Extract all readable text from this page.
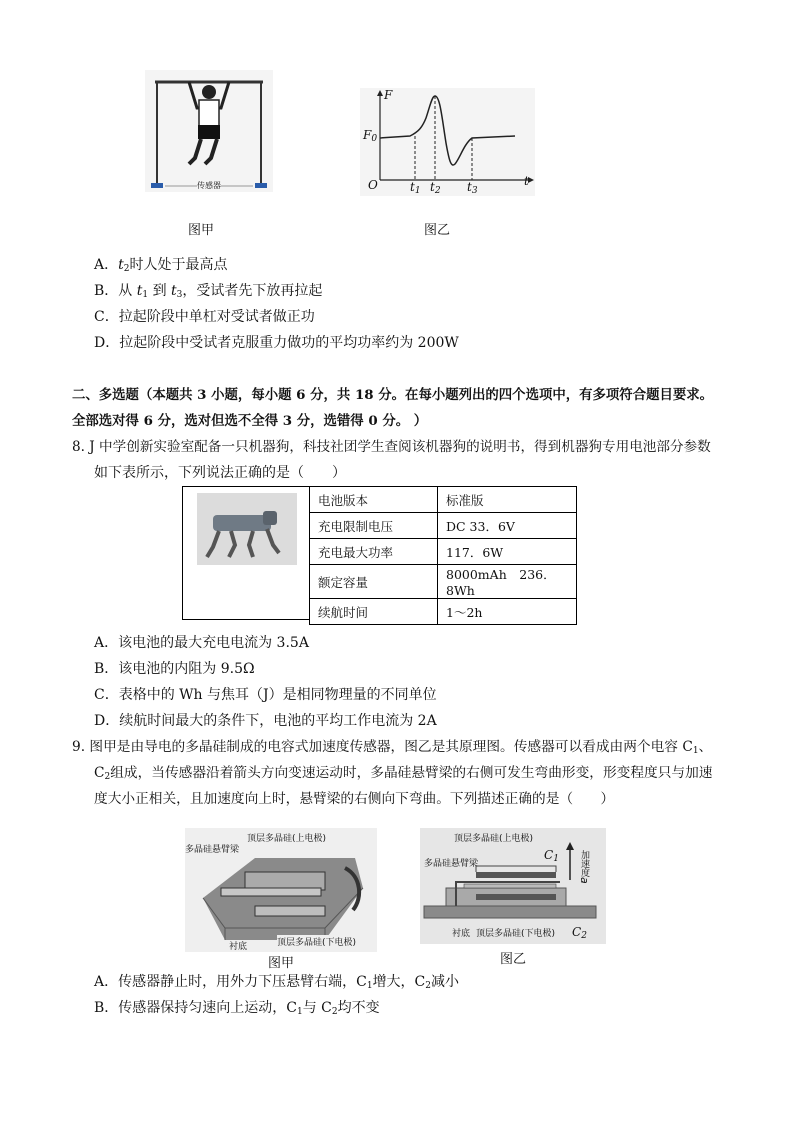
传感器
F
t
O
$F_0$
$t_1$ $t_2$ $t_3$
图甲	图乙
A．$t_2$时人处于最高点
B．从 $t_1$ 到 $t_3$，受试者先下放再拉起
C．拉起阶段中单杠对受试者做正功
D．拉起阶段中受试者克服重力做功的平均功率约为 200W
二、多选题（本题共 3 小题，每小题 6 分，共 18 分。在每小题列出的四个选项中，有多项符合题目要求。
全部选对得 6 分，选对但选不全得 3 分，选错得 0 分。 ）
8. J 中学创新实验室配备一只机器狗，科技社团学生查阅该机器狗的说明书，得到机器狗专用电池部分参数
如下表所示，下列说法正确的是（　　）
电池版本	标准版
充电限制电压	DC 33．6V
充电最大功率	117．6W
额定容量	8000mAh　236．8Wh
续航时间	1～2h
A．该电池的最大充电电流为 3.5A
B．该电池的内阻为 9.5Ω
C．表格中的 Wh 与焦耳（J）是相同物理量的不同单位
D．续航时间最大的条件下，电池的平均工作电流为 2A
9. 图甲是由导电的多晶硅制成的电容式加速度传感器，图乙是其原理图。传感器可以看成由两个电容 $C_1$、
$C_2$组成，当传感器沿着箭头方向变速运动时，多晶硅悬臂梁的右侧可发生弯曲形变，形变程度只与加速
度大小正相关，且加速度向上时，悬臂梁的右侧向下弯曲。下列描述正确的是（　　）
顶层多晶硅(上电极)
多晶硅悬臂梁
衬底	顶层多晶硅(下电极)
图甲
顶层多晶硅(上电极)
多晶硅悬臂梁
$C_1$
$C_2$
加速度a
衬底 顶层多晶硅(下电极)
图乙
A．传感器静止时，用外力下压悬臂右端，$C_1$增大，$C_2$减小
B．传感器保持匀速向上运动，$C_1$与 $C_2$均不变
